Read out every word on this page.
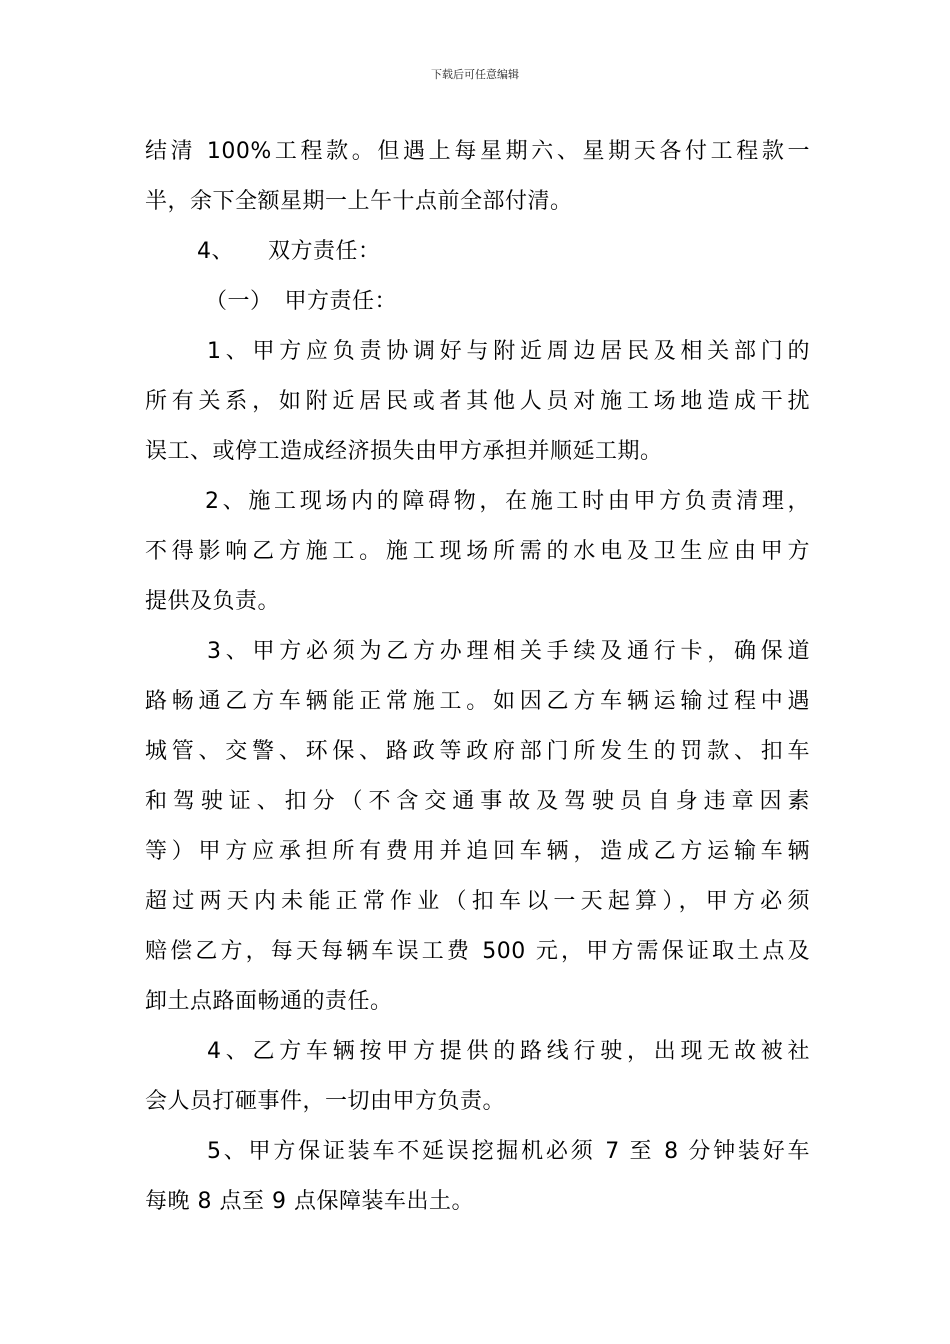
下载后可任意编辑
结清 100%工程款。但遇上每星期六、星期天各付工程款一
半，余下全额星期一上午十点前全部付清。
4、 双方责任：
（一） 甲方责任：
1、甲方应负责协调好与附近周边居民及相关部门的
所有关系，如附近居民或者其他人员对施工场地造成干扰
误工、或停工造成经济损失由甲方承担并顺延工期。
2、施工现场内的障碍物，在施工时由甲方负责清理，
不得影响乙方施工。施工现场所需的水电及卫生应由甲方
提供及负责。
3、甲方必须为乙方办理相关手续及通行卡，确保道
路畅通乙方车辆能正常施工。如因乙方车辆运输过程中遇
城管、交警、环保、路政等政府部门所发生的罚款、扣车
和驾驶证、扣分（不含交通事故及驾驶员自身违章因素
等）甲方应承担所有费用并追回车辆，造成乙方运输车辆
超过两天内未能正常作业（扣车以一天起算），甲方必须
赔偿乙方，每天每辆车误工费 500 元，甲方需保证取土点及
卸土点路面畅通的责任。
4、乙方车辆按甲方提供的路线行驶，出现无故被社
会人员打砸事件，一切由甲方负责。
5、甲方保证装车不延误挖掘机必须 7 至 8 分钟装好车
每晚 8 点至 9 点保障装车出土。
